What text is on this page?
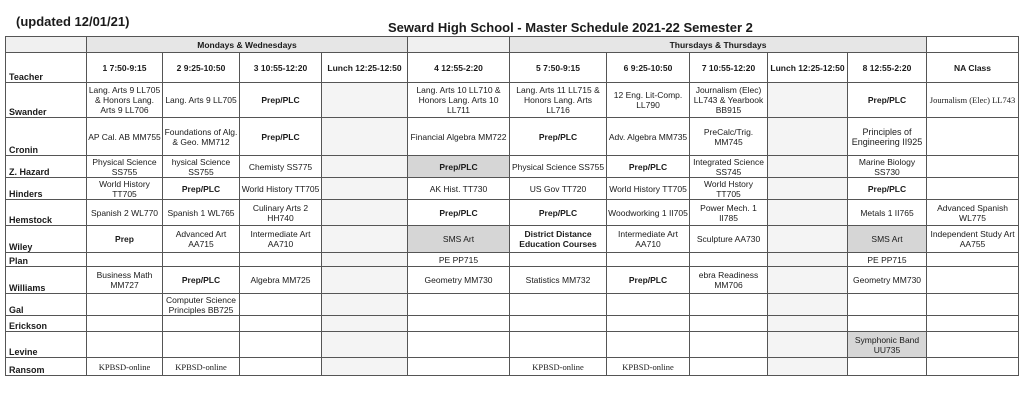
(updated 12/01/21)	Seward High School - Master Schedule 2021-22 Semester 2
	Mondays & Wednesdays					Thursdays & Thursdays					
Teacher	1 7:50-9:15	2 9:25-10:50	3 10:55-12:20	Lunch 12:25-12:50	4 12:55-2:20	5 7:50-9:15	6 9:25-10:50	7 10:55-12:20	Lunch 12:25-12:50	8 12:55-2:20	NA Class
Swander	Lang. Arts 9 LL705 & Honors Lang. Arts 9 LL706	Lang. Arts 9 LL705	Prep/PLC		Lang. Arts 10 LL710 & Honors Lang. Arts 10 LL711	Lang. Arts 11 LL715 & Honors Lang. Arts LL716	12 Eng. Lit-Comp. LL790	Journalism (Elec) LL743 & Yearbook BB915		Prep/PLC	Journalism (Elec) LL743
Cronin	AP Cal. AB MM755	Foundations of Alg. & Geo. MM712	Prep/PLC		Financial Algebra MM722	Prep/PLC	Adv. Algebra MM735	PreCalc/Trig. MM745		Principles of Engineering II925	
Z. Hazard	Physical Science SS755	hysical Science SS755	Chemisty SS775		Prep/PLC	Physical Science SS755	Prep/PLC	Integrated Science SS745		Marine Biology SS730	
Hinders	World History TT705	Prep/PLC	World History TT705		AK Hist. TT730	US Gov TT720	World History TT705	World Hstory TT705		Prep/PLC	
Hemstock	Spanish 2 WL770	Spanish 1 WL765	Culinary Arts 2 HH740		Prep/PLC	Prep/PLC	Woodworking 1 II705	Power Mech. 1 II785		Metals 1 II765	Advanced Spanish WL775
Wiley	Prep	Advanced Art AA715	Intermediate Art AA710		SMS Art	District Distance Education Courses	Intermediate Art AA710	Sculpture AA730		SMS Art	Independent Study Art AA755
Plan					PE PP715					PE PP715	
Williams	Business Math MM727	Prep/PLC	Algebra MM725		Geometry MM730	Statistics MM732	Prep/PLC	ebra Readiness MM706		Geometry MM730	
Gal		Computer Science Principles BB725									
Erickson											
Levine										Symphonic Band UU735	
Ransom	KPBSD-online	KPBSD-online				KPBSD-online	KPBSD-online				
